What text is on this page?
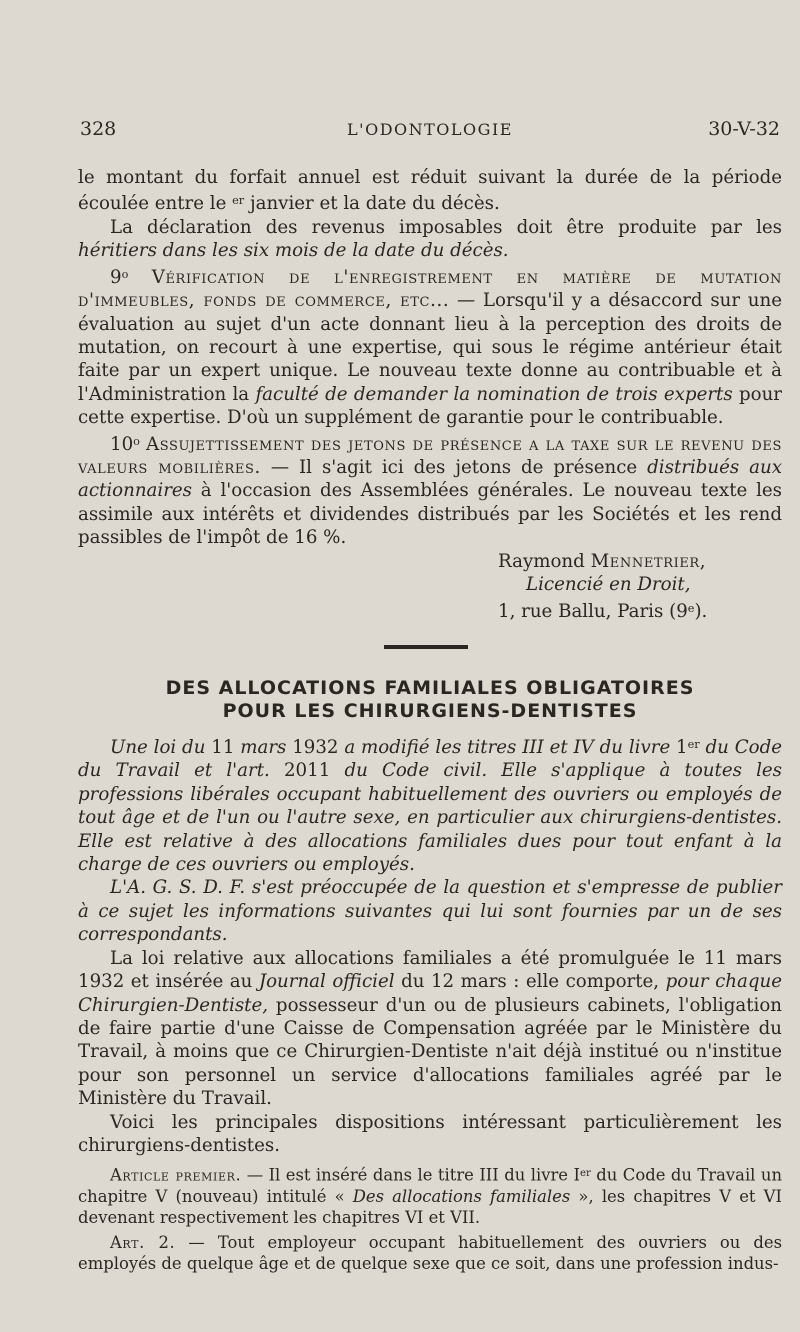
328	L'ODONTOLOGIE	30-V-32

le montant du forfait annuel est réduit suivant la durée de la période écoulée entre le $^{er}$ janvier et la date du décès.

La déclaration des revenus imposables doit être produite par les héritiers dans les six mois de la date du décès.

9$^o$ Vérification de l'enregistrement en matière de mutation d'immeubles, fonds de commerce, etc... — Lorsqu'il y a désaccord sur une évaluation au sujet d'un acte donnant lieu à la perception des droits de mutation, on recourt à une expertise, qui sous le régime antérieur était faite par un expert unique. Le nouveau texte donne au contribuable et à l'Administration la faculté de demander la nomination de trois experts pour cette expertise. D'où un supplément de garantie pour le contribuable.

10$^o$ Assujettissement des jetons de présence a la taxe sur le revenu des valeurs mobilières. — Il s'agit ici des jetons de présence distribués aux actionnaires à l'occasion des Assemblées générales. Le nouveau texte les assimile aux intérêts et dividendes distribués par les Sociétés et les rend passibles de l'impôt de 16 %.

Raymond Mennetrier,
Licencié en Droit,
1, rue Ballu, Paris (9e).
DES ALLOCATIONS FAMILIALES OBLIGATOIRES
POUR LES CHIRURGIENS-DENTISTES

Une loi du 11 mars 1932 a modifié les titres III et IV du livre 1er du Code du Travail et l'art. 2011 du Code civil. Elle s'applique à toutes les professions libérales occupant habituellement des ouvriers ou employés de tout âge et de l'un ou l'autre sexe, en particulier aux chirurgiens-dentistes. Elle est relative à des allocations familiales dues pour tout enfant à la charge de ces ouvriers ou employés.

L'A. G. S. D. F. s'est préoccupée de la question et s'empresse de publier à ce sujet les informations suivantes qui lui sont fournies par un de ses correspondants.

La loi relative aux allocations familiales a été promulguée le 11 mars 1932 et insérée au Journal officiel du 12 mars : elle comporte, pour chaque Chirurgien-Dentiste, possesseur d'un ou de plusieurs cabinets, l'obligation de faire partie d'une Caisse de Compensation agréée par le Ministère du Travail, à moins que ce Chirurgien-Dentiste n'ait déjà institué ou n'institue pour son personnel un service d'allocations familiales agréé par le Ministère du Travail.

Voici les principales dispositions intéressant particulièrement les chirurgiens-dentistes.

Article premier. — Il est inséré dans le titre III du livre Ier du Code du Travail un chapitre V (nouveau) intitulé « Des allocations familiales », les chapitres V et VI devenant respectivement les chapitres VI et VII.

Art. 2. — Tout employeur occupant habituellement des ouvriers ou des employés de quelque âge et de quelque sexe que ce soit, dans une profession indus-
